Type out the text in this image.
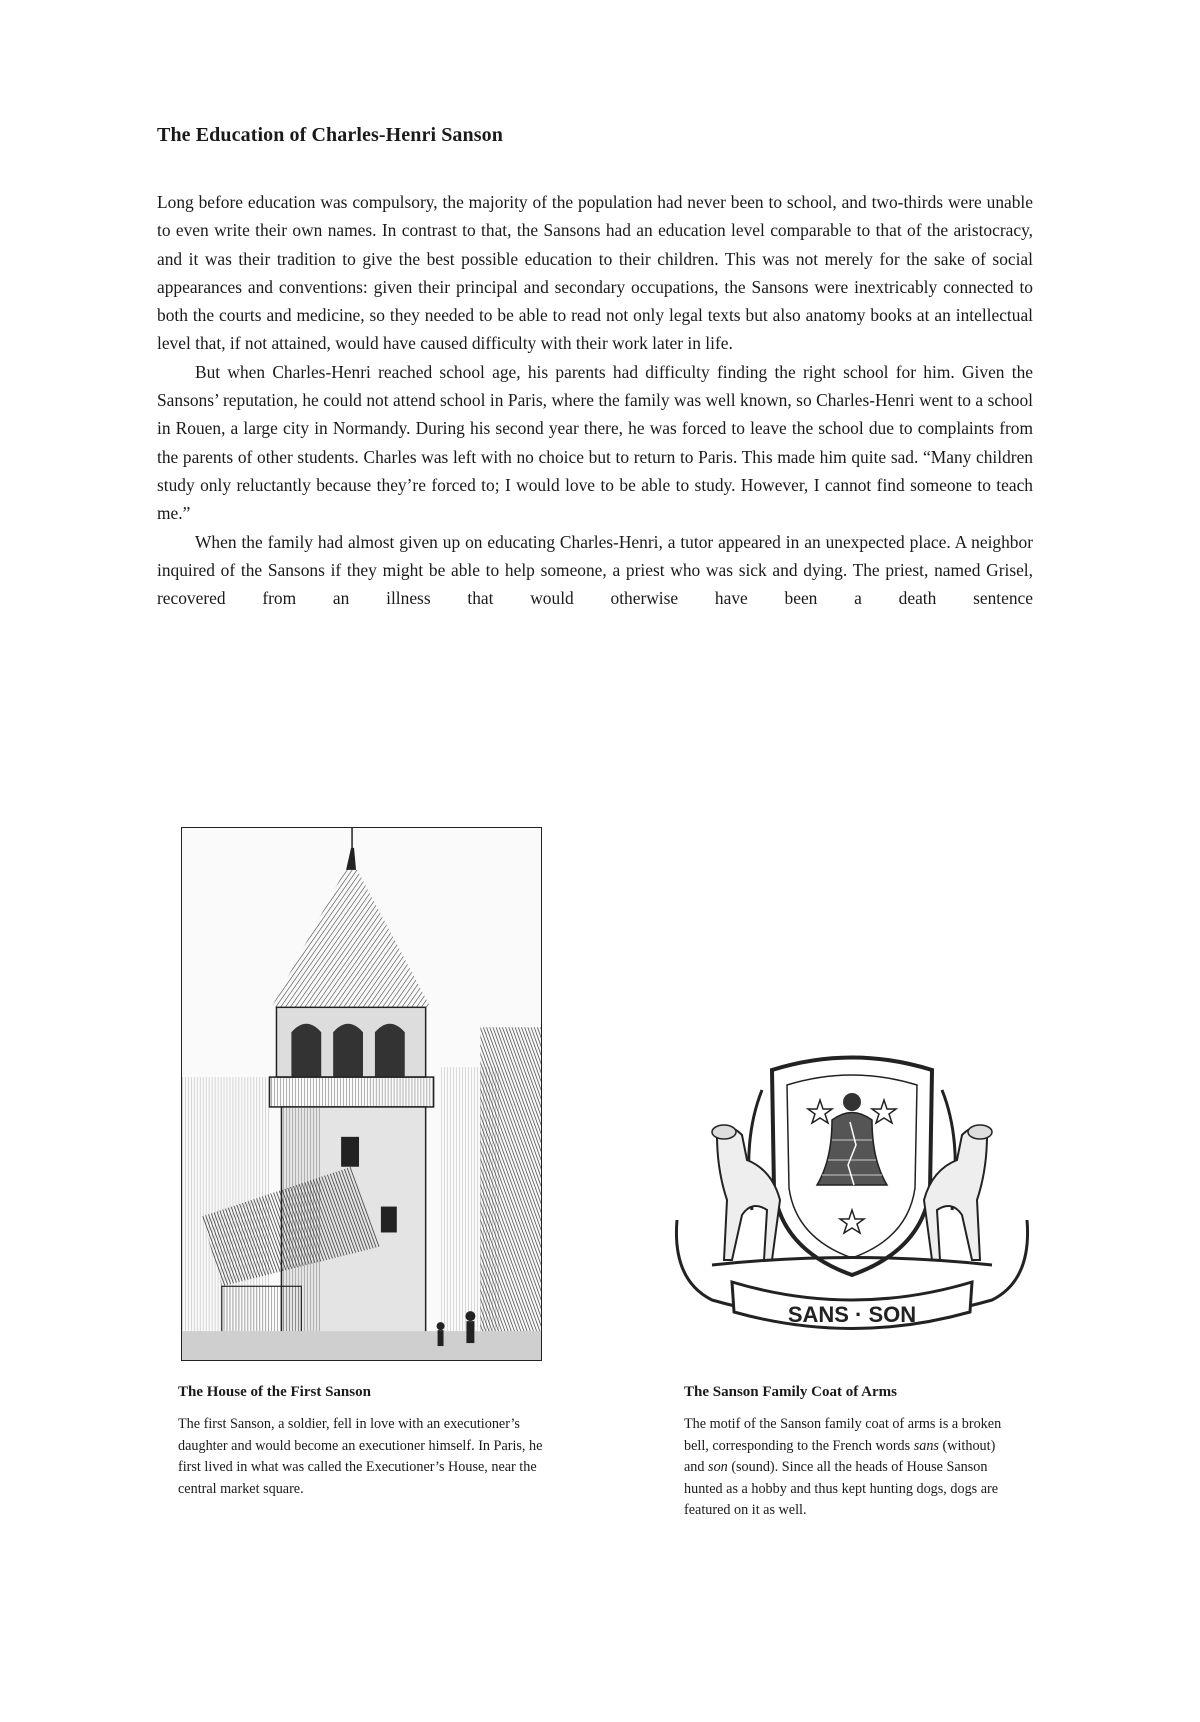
The Education of Charles-Henri Sanson

Long before education was compulsory, the majority of the population had never been to school, and two-thirds were unable to even write their own names. In contrast to that, the Sansons had an education level comparable to that of the aristocracy, and it was their tradition to give the best possible education to their children. This was not merely for the sake of social appearances and conventions: given their principal and secondary occupations, the Sansons were inextricably connected to both the courts and medicine, so they needed to be able to read not only legal texts but also anatomy books at an intellectual level that, if not attained, would have caused difficulty with their work later in life.

But when Charles-Henri reached school age, his parents had difficulty finding the right school for him. Given the Sansons’ reputation, he could not attend school in Paris, where the family was well known, so Charles-Henri went to a school in Rouen, a large city in Normandy. During his second year there, he was forced to leave the school due to complaints from the parents of other students. Charles was left with no choice but to return to Paris. This made him quite sad. “Many children study only reluctantly because they’re forced to; I would love to be able to study. However, I cannot find someone to teach me.”

When the family had almost given up on educating Charles-Henri, a tutor appeared in an unexpected place. A neighbor inquired of the Sansons if they might be able to help someone, a priest who was sick and dying. The priest, named Grisel, recovered from an illness that would otherwise have been a death sentence

The House of the First Sanson

The first Sanson, a soldier, fell in love with an executioner’s daughter and would become an executioner himself. In Paris, he first lived in what was called the Executioner’s House, near the central market square.

SANS · SON
The Sanson Family Coat of Arms

The motif of the Sanson family coat of arms is a broken bell, corresponding to the French words sans (without) and son (sound). Since all the heads of House Sanson hunted as a hobby and thus kept hunting dogs, dogs are featured on it as well.
